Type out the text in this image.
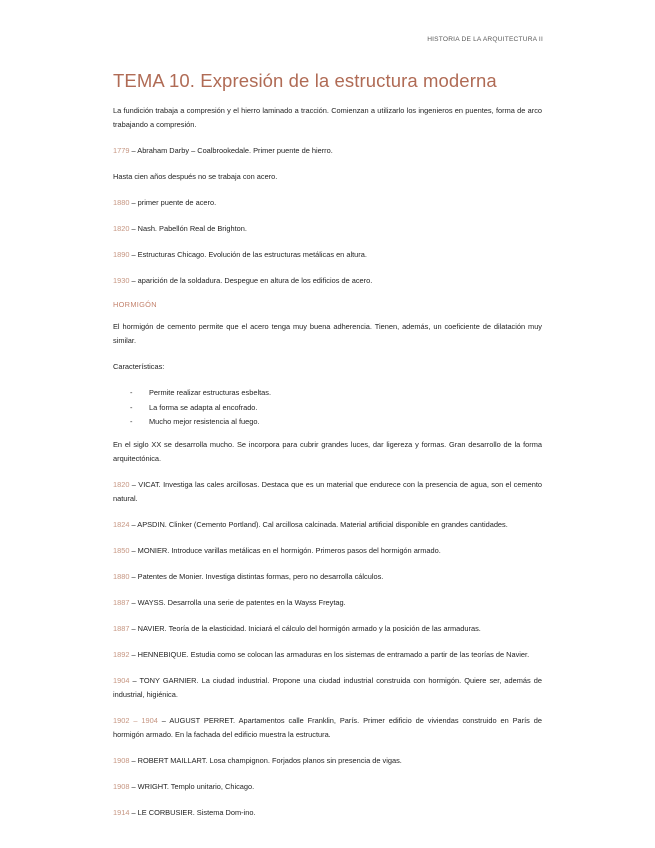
HISTORIA DE LA ARQUITECTURA II
TEMA 10. Expresión de la estructura moderna

La fundición trabaja a compresión y el hierro laminado a tracción. Comienzan a utilizarlo los ingenieros en puentes, forma de arco trabajando a compresión.

1779 – Abraham Darby – Coalbrookedale. Primer puente de hierro.

Hasta cien años después no se trabaja con acero.

1880 – primer puente de acero.

1820 – Nash. Pabellón Real de Brighton.

1890 – Estructuras Chicago. Evolución de las estructuras metálicas en altura.

1930 – aparición de la soldadura. Despegue en altura de los edificios de acero.

HORMIGÓN

El hormigón de cemento permite que el acero tenga muy buena adherencia. Tienen, además, un coeficiente de dilatación muy similar.

Características:

- Permite realizar estructuras esbeltas.
- La forma se adapta al encofrado.
- Mucho mejor resistencia al fuego.

En el siglo XX se desarrolla mucho. Se incorpora para cubrir grandes luces, dar ligereza y formas. Gran desarrollo de la forma arquitectónica.

1820 – VICAT. Investiga las cales arcillosas. Destaca que es un material que endurece con la presencia de agua, son el cemento natural.

1824 – APSDIN. Clinker (Cemento Portland). Cal arcillosa calcinada. Material artificial disponible en grandes cantidades.

1850 – MONIER. Introduce varillas metálicas en el hormigón. Primeros pasos del hormigón armado.

1880 – Patentes de Monier. Investiga distintas formas, pero no desarrolla cálculos.

1887 – WAYSS. Desarrolla una serie de patentes en la Wayss Freytag.

1887 – NAVIER. Teoría de la elasticidad. Iniciará el cálculo del hormigón armado y la posición de las armaduras.

1892 – HENNEBIQUE. Estudia como se colocan las armaduras en los sistemas de entramado a partir de las teorías de Navier.

1904 – TONY GARNIER. La ciudad industrial. Propone una ciudad industrial construida con hormigón. Quiere ser, además de industrial, higiénica.

1902 – 1904 – AUGUST PERRET. Apartamentos calle Franklin, París. Primer edificio de viviendas construido en París de hormigón armado. En la fachada del edificio muestra la estructura.

1908 – ROBERT MAILLART. Losa champignon. Forjados planos sin presencia de vigas.

1908 – WRIGHT. Templo unitario, Chicago.

1914 – LE CORBUSIER. Sistema Dom-ino.
